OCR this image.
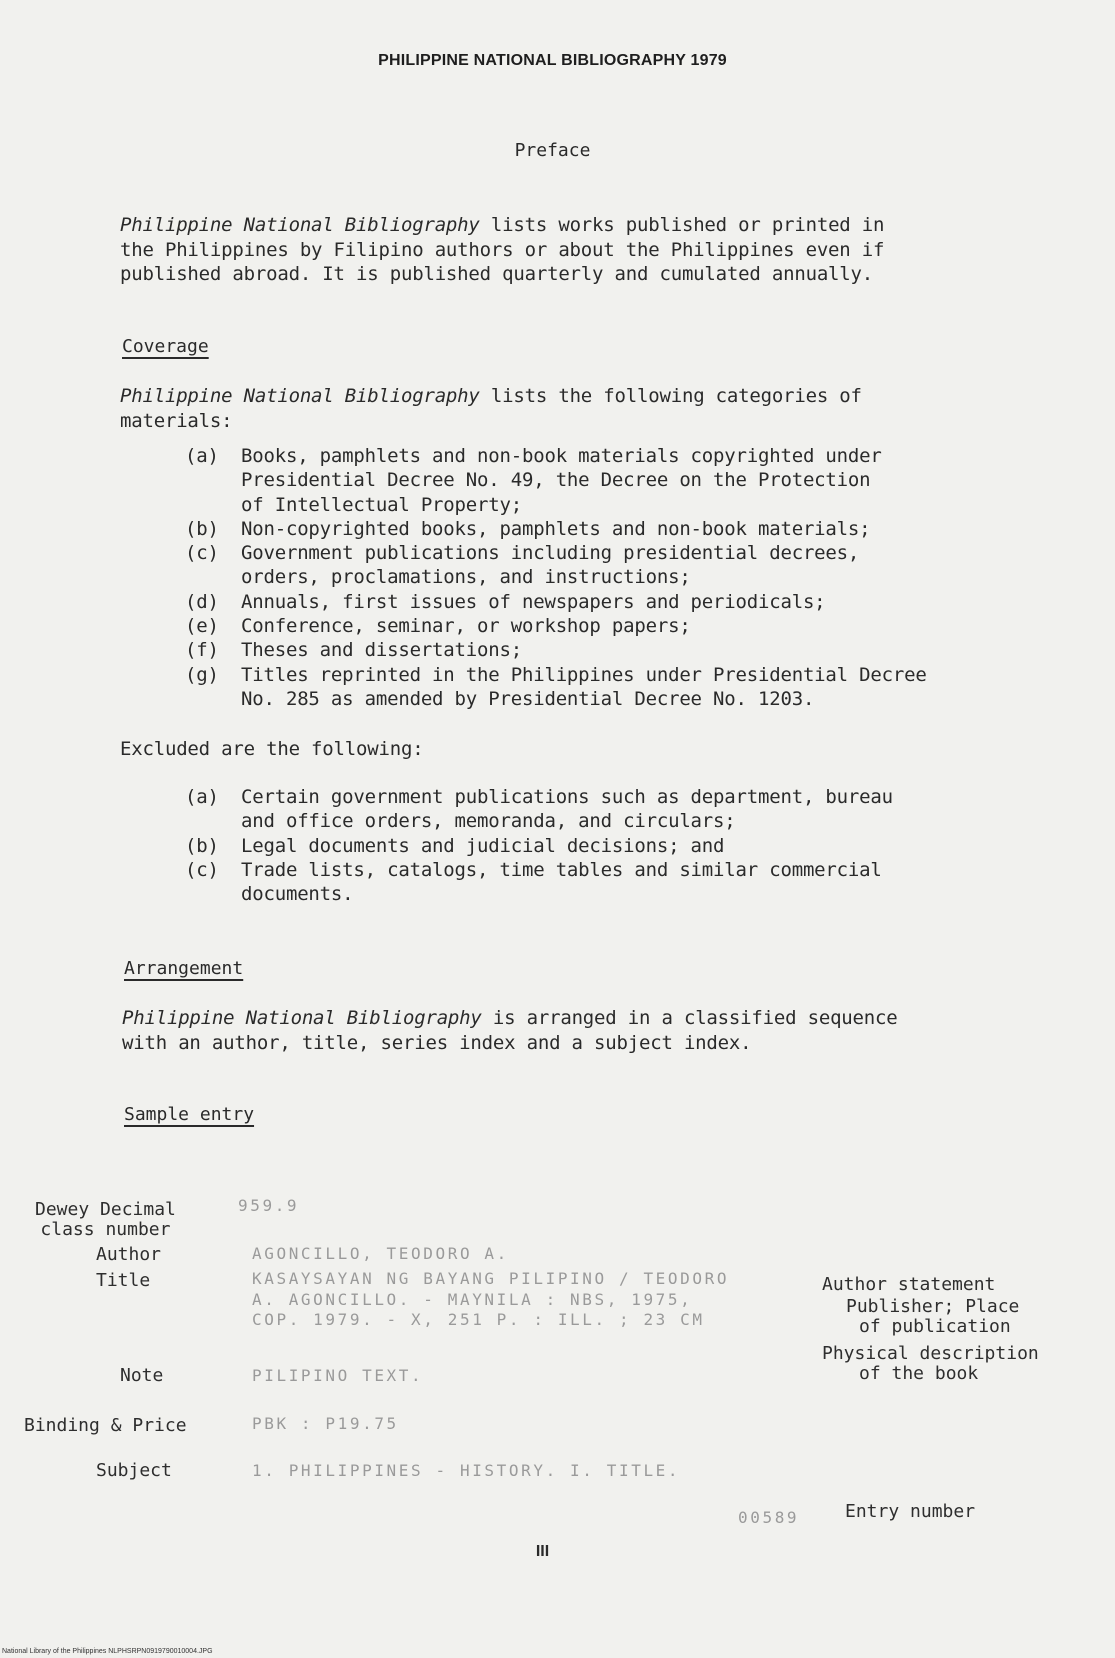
PHILIPPINE NATIONAL BIBLIOGRAPHY 1979
Preface
Philippine National Bibliography lists works published or printed in
the Philippines by Filipino authors or about the Philippines even if
published abroad. It is published quarterly and cumulated annually.
Coverage
Philippine National Bibliography lists the following categories of
materials:
(a) Books, pamphlets and non-book materials copyrighted under
Presidential Decree No. 49, the Decree on the Protection
of Intellectual Property;
(b) Non-copyrighted books, pamphlets and non-book materials;
(c) Government publications including presidential decrees,
orders, proclamations, and instructions;
(d) Annuals, first issues of newspapers and periodicals;
(e) Conference, seminar, or workshop papers;
(f) Theses and dissertations;
(g) Titles reprinted in the Philippines under Presidential Decree
No. 285 as amended by Presidential Decree No. 1203.
Excluded are the following:
(a) Certain government publications such as department, bureau
and office orders, memoranda, and circulars;
(b) Legal documents and judicial decisions; and
(c) Trade lists, catalogs, time tables and similar commercial
documents.
Arrangement
Philippine National Bibliography is arranged in a classified sequence
with an author, title, series index and a subject index.
Sample entry
Dewey Decimal
class number
Author
Title
Note
Binding & Price
Subject
959.9
AGONCILLO, TEODORO A.
KASAYSAYAN NG BAYANG PILIPINO / TEODORO
A. AGONCILLO. - MAYNILA : NBS, 1975,
COP. 1979. - X, 251 P. : ILL. ; 23 CM
PILIPINO TEXT.
PBK : P19.75
1. PHILIPPINES - HISTORY. I. TITLE.
00589
Author statement
Publisher; Place
of publication
Physical description
of the book
Entry number
III
National Library of the Philippines NLPHSRPN0919790010004.JPG
